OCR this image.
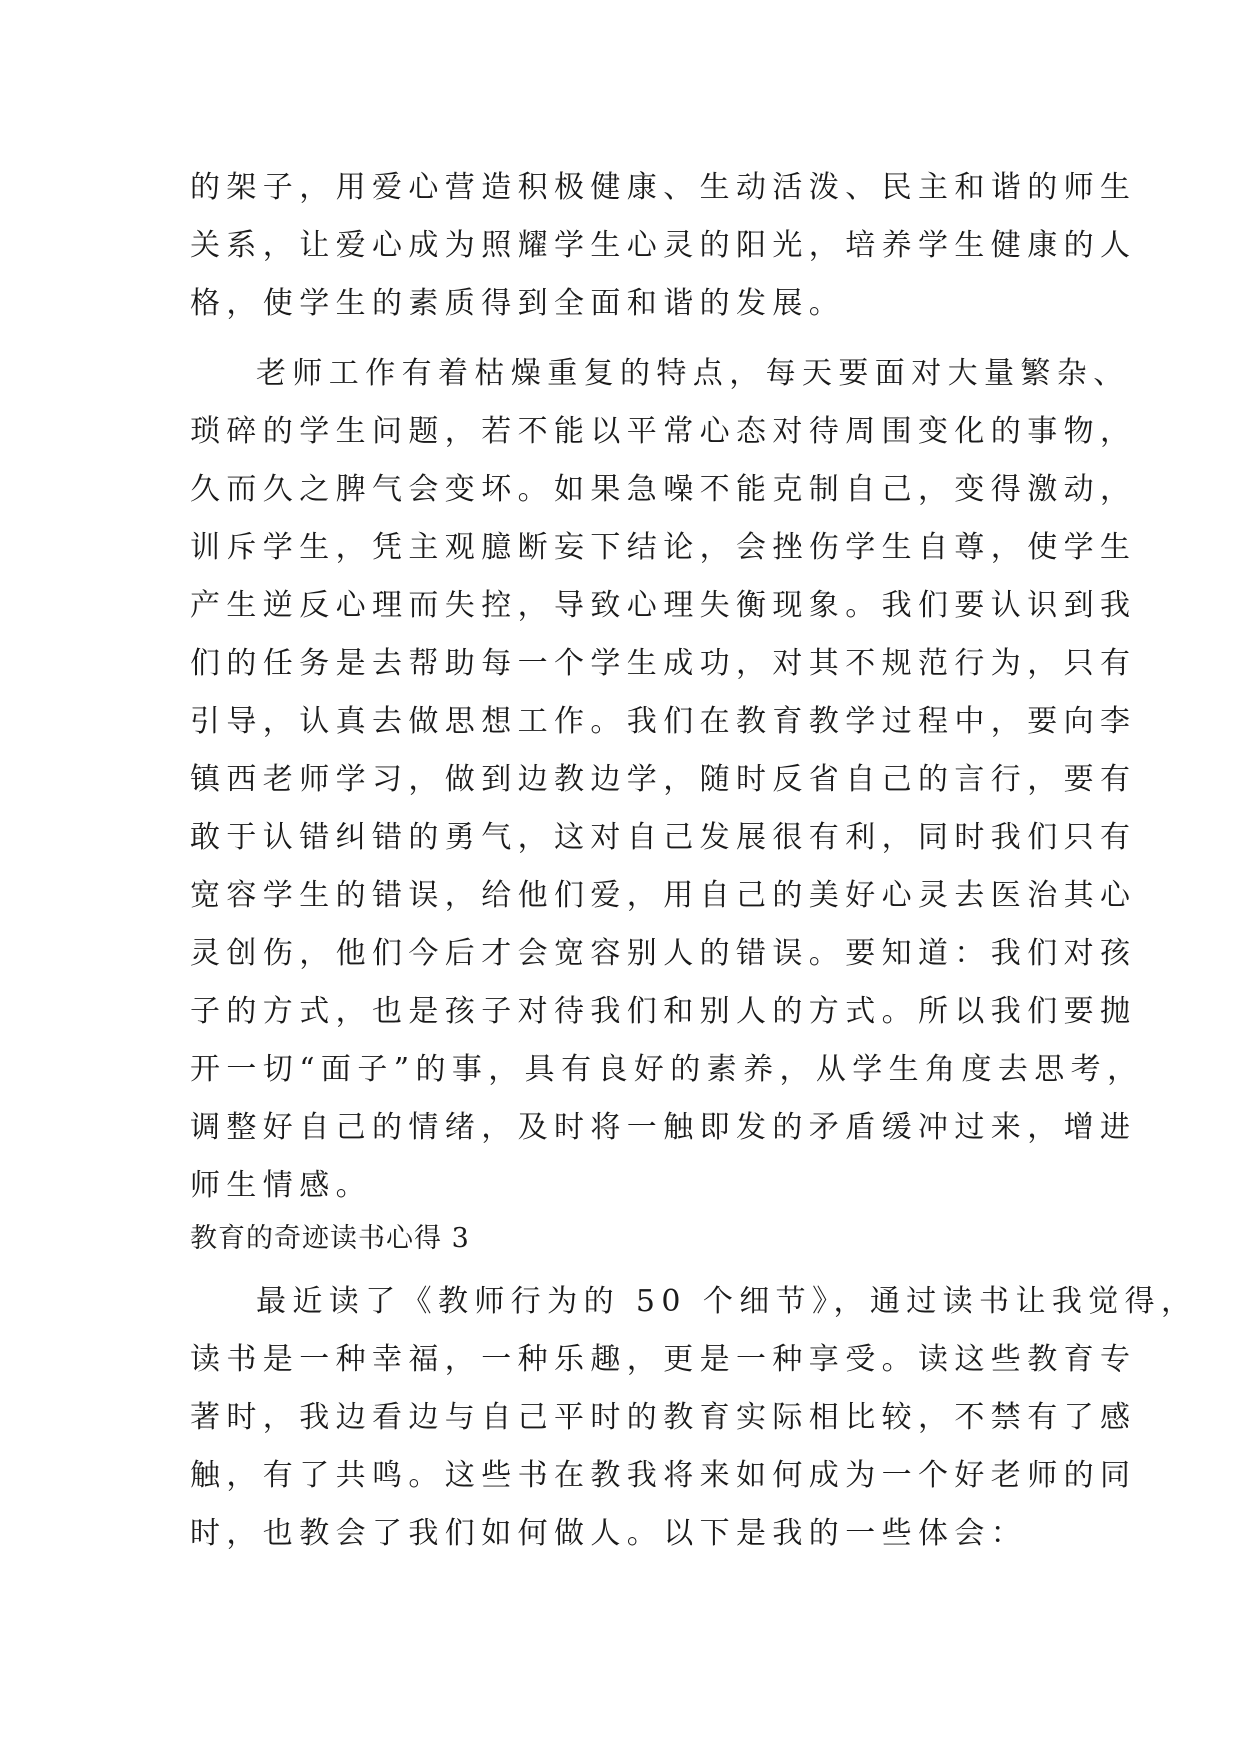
的架子，用爱心营造积极健康、生动活泼、民主和谐的师生
关系，让爱心成为照耀学生心灵的阳光，培养学生健康的人
格，使学生的素质得到全面和谐的发展。
老师工作有着枯燥重复的特点，每天要面对大量繁杂、
琐碎的学生问题，若不能以平常心态对待周围变化的事物，
久而久之脾气会变坏。如果急噪不能克制自己，变得激动，
训斥学生，凭主观臆断妄下结论，会挫伤学生自尊，使学生
产生逆反心理而失控，导致心理失衡现象。我们要认识到我
们的任务是去帮助每一个学生成功，对其不规范行为，只有
引导，认真去做思想工作。我们在教育教学过程中，要向李
镇西老师学习，做到边教边学，随时反省自己的言行，要有
敢于认错纠错的勇气，这对自己发展很有利，同时我们只有
宽容学生的错误，给他们爱，用自己的美好心灵去医治其心
灵创伤，他们今后才会宽容别人的错误。要知道：我们对孩
子的方式，也是孩子对待我们和别人的方式。所以我们要抛
开一切“面子”的事，具有良好的素养，从学生角度去思考，
调整好自己的情绪，及时将一触即发的矛盾缓冲过来，增进
师生情感。
教育的奇迹读书心得 3
最近读了《教师行为的 50 个细节》，通过读书让我觉得，
读书是一种幸福，一种乐趣，更是一种享受。读这些教育专
著时，我边看边与自己平时的教育实际相比较，不禁有了感
触，有了共鸣。这些书在教我将来如何成为一个好老师的同
时，也教会了我们如何做人。以下是我的一些体会：
